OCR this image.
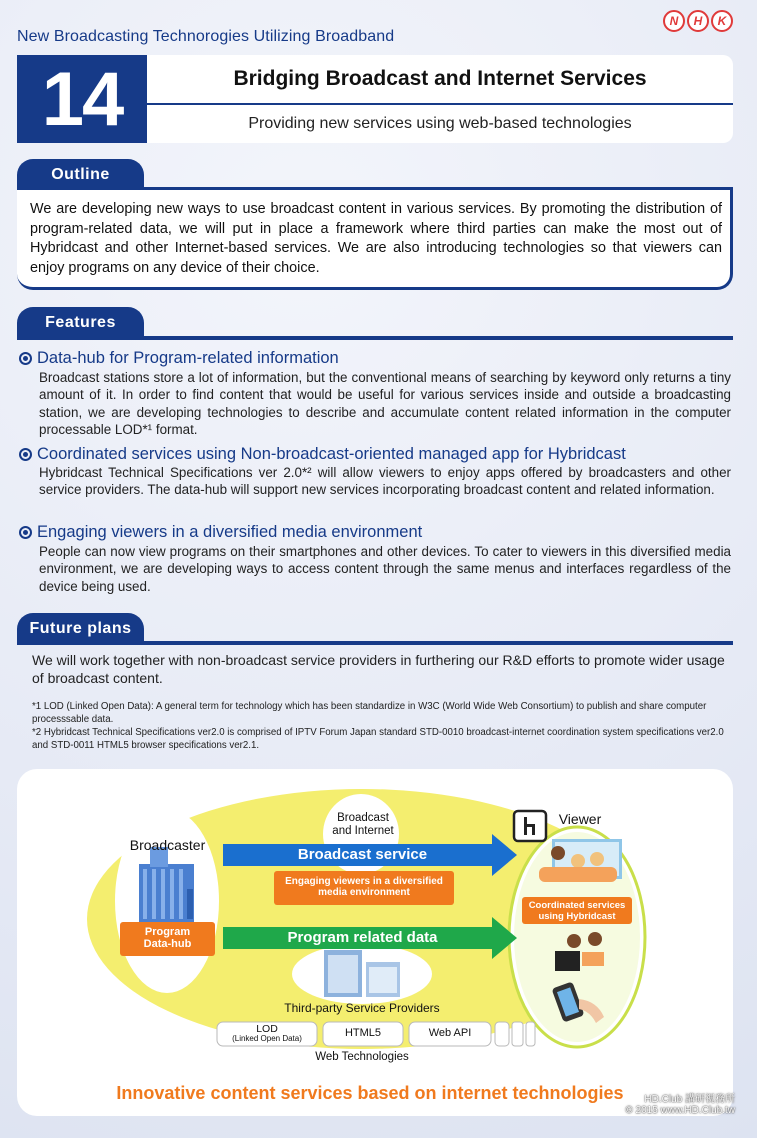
New Broadcasting Technorogies Utilizing Broadband
N	H	K
14	Bridging Broadcast and Internet Services
Providing new services using web-based technologies
Outline
We are developing new ways to use broadcast content in various services. By promoting the distribution of program-related data, we will put in place a framework where third parties can make the most out of Hybridcast and other Internet-based services. We are also introducing technologies so that viewers can enjoy programs on any device of their choice.
Features
Data-hub for Program-related information
Broadcast stations store a lot of information, but the conventional means of searching by keyword only returns a tiny amount of it. In order to find content that would be useful for various services inside and outside a broadcasting station, we are developing technologies to describe and accumulate content related information in the computer processable LOD*¹ format.
Coordinated services using Non-broadcast-oriented managed app for Hybridcast
Hybridcast Technical Specifications ver 2.0*² will allow viewers to enjoy apps offered by broadcasters and other service providers. The data-hub will support new services incorporating broadcast content and related information.
Engaging viewers in a diversified media environment
People can now view programs on their smartphones and other devices. To cater to viewers in this diversified media environment, we are developing ways to access content through the same menus and interfaces regardless of the device being used.
Future plans
We will work together with non-broadcast service providers in furthering our R&D efforts to promote wider usage of broadcast content.
*1 LOD (Linked Open Data): A general term for technology which has been standardize in W3C (World Wide Web Consortium) to publish and share computer processsable data.
*2 Hybridcast Technical Specifications ver2.0 is comprised of IPTV Forum Japan standard STD-0010 broadcast-internet coordination system specifications ver2.0 and STD-0011 HTML5 browser specifications ver2.1.
Broadcaster
Program
Data-hub
Broadcast
and Internet
Viewer
Broadcast service
Engaging viewers in a diversified
media environment
Coordinated services
using Hybridcast
Program related data
Third-party Service Providers
LOD
(Linked Open Data)	HTML5	Web API
Web Technologies
Innovative content services based on internet technologies	HD.Club 講研視務所
© 2015 www.HD.Club.tw
